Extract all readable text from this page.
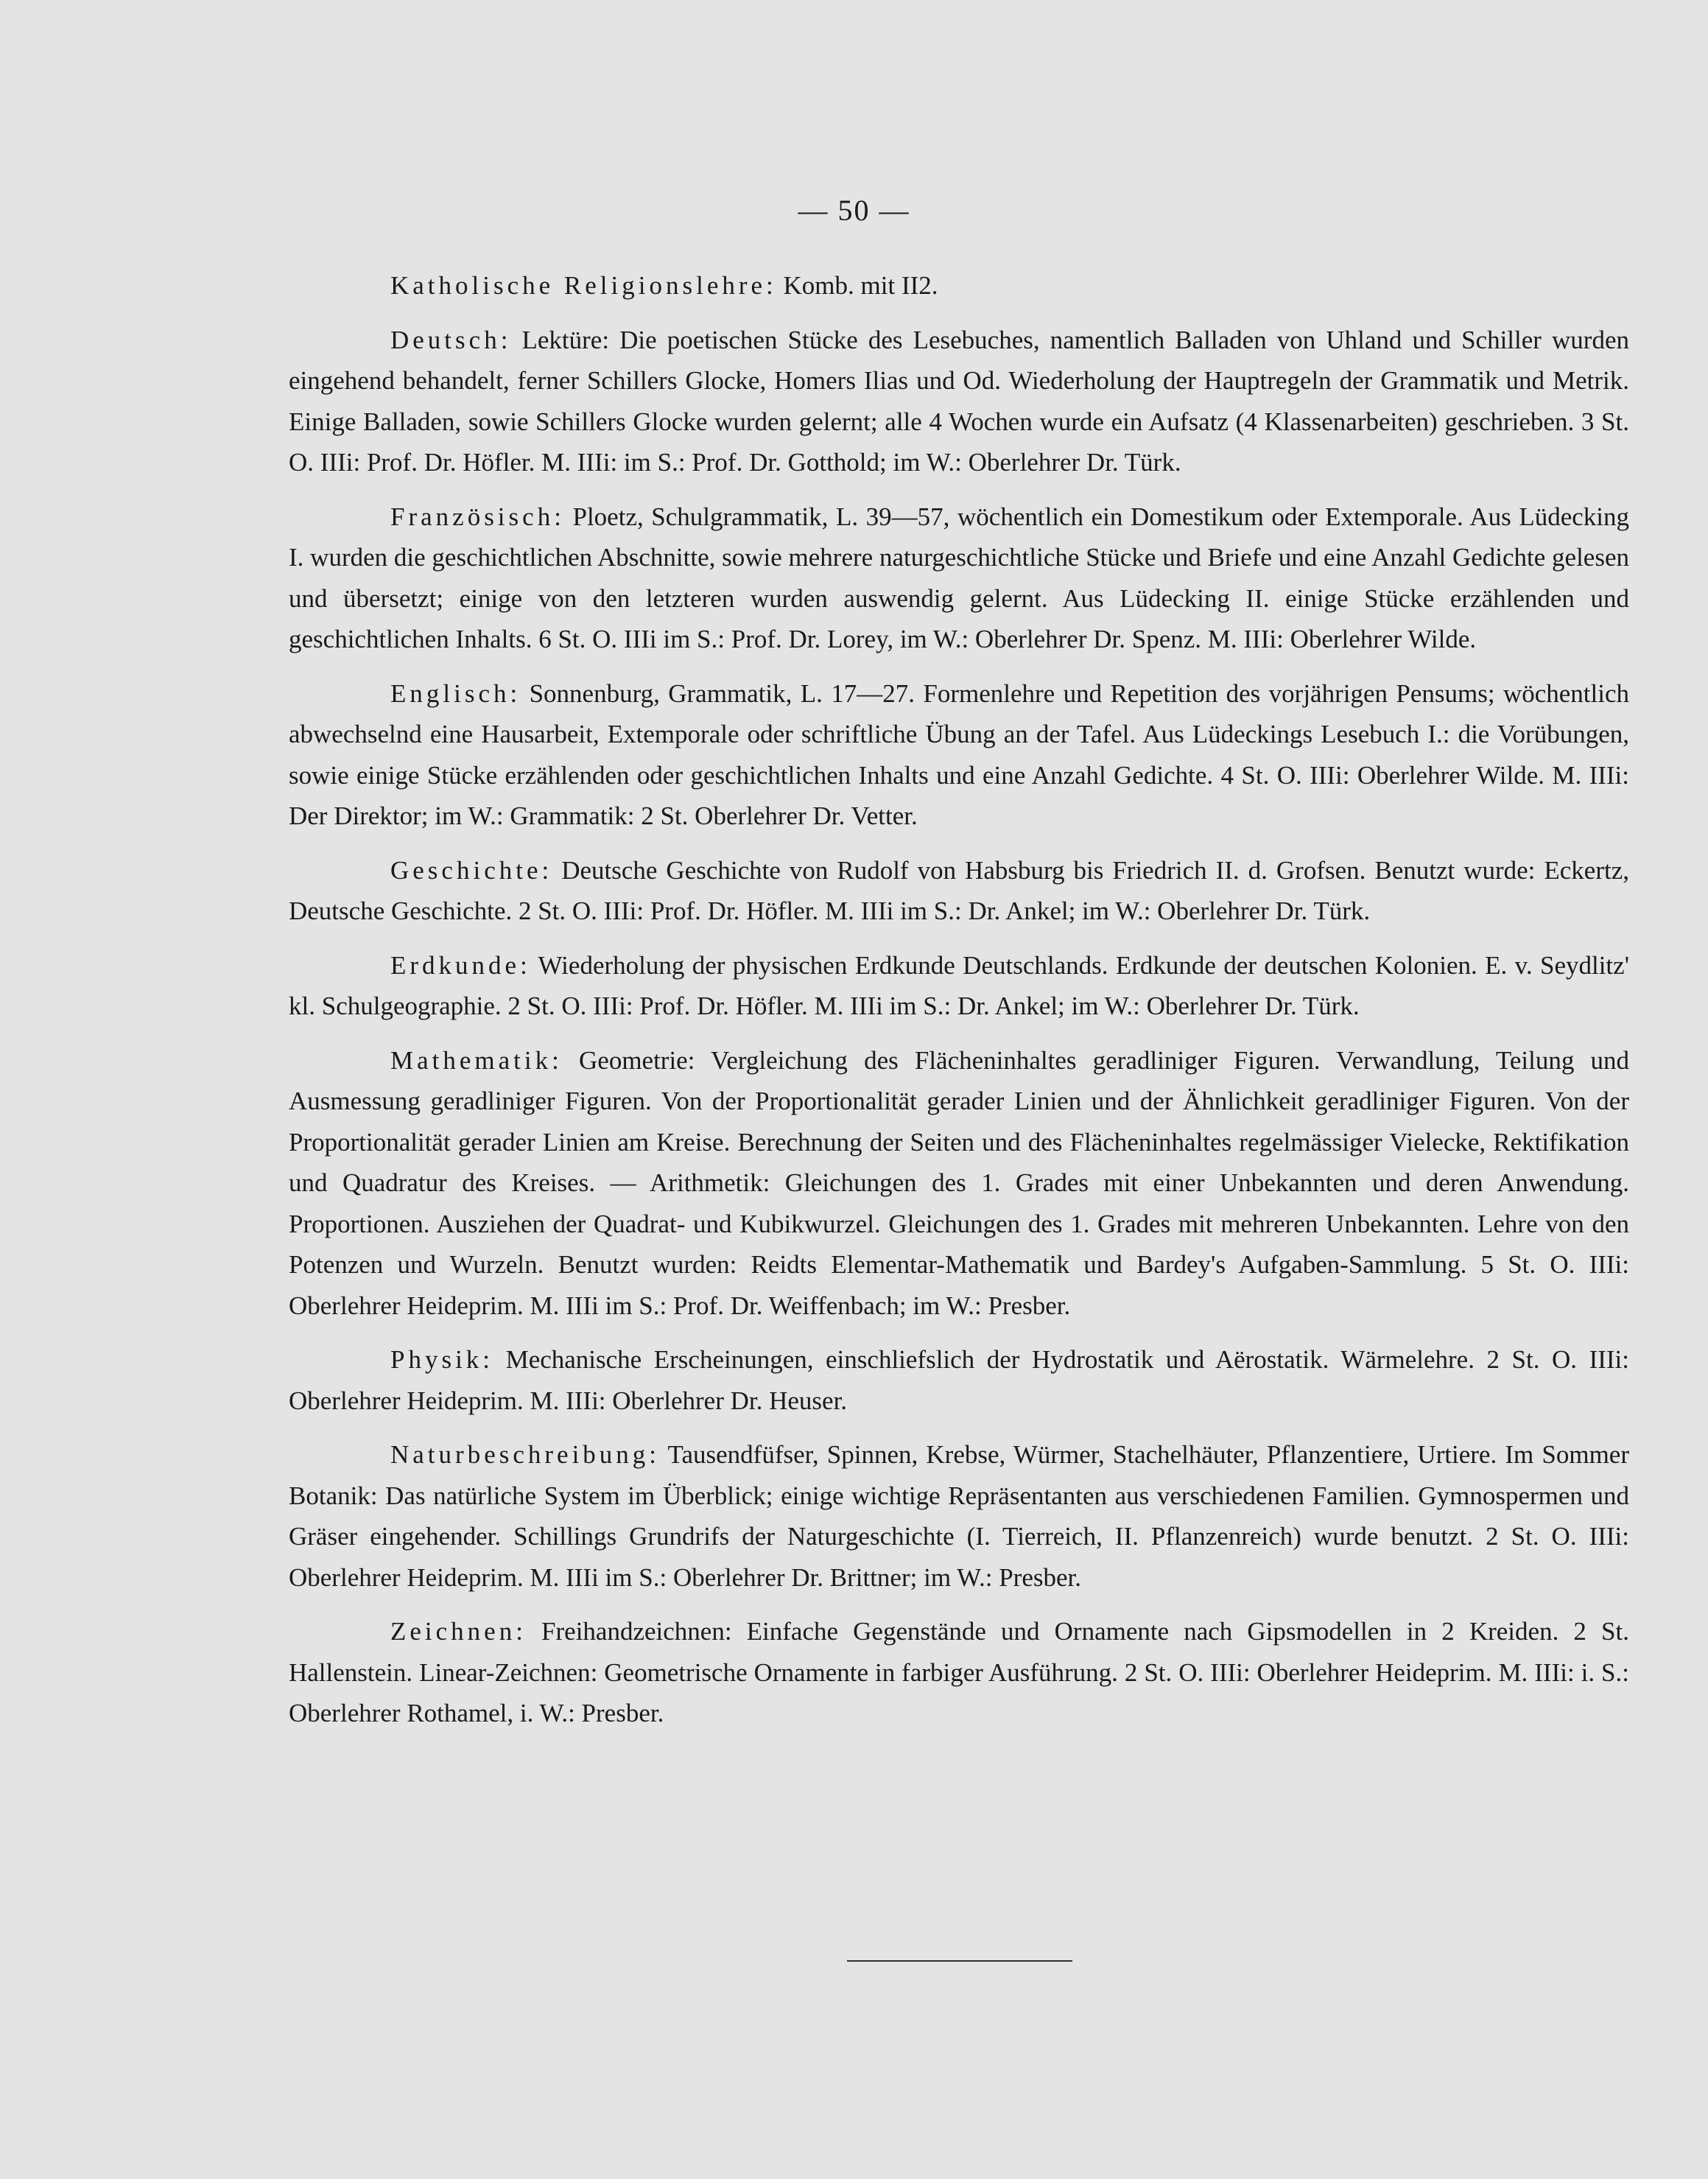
— 50 —

Katholische Religionslehre: Komb. mit II2.

Deutsch: Lektüre: Die poetischen Stücke des Lesebuches, namentlich Balladen von Uhland und Schiller wurden eingehend behandelt, ferner Schillers Glocke, Homers Ilias und Od. Wiederholung der Hauptregeln der Grammatik und Metrik. Einige Balladen, sowie Schillers Glocke wurden gelernt; alle 4 Wochen wurde ein Aufsatz (4 Klassenarbeiten) geschrieben. 3 St. O. IIIi: Prof. Dr. Höfler. M. IIIi: im S.: Prof. Dr. Gotthold; im W.: Oberlehrer Dr. Türk.

Französisch: Ploetz, Schulgrammatik, L. 39—57, wöchentlich ein Domestikum oder Extemporale. Aus Lüdecking I. wurden die geschichtlichen Abschnitte, sowie mehrere naturgeschichtliche Stücke und Briefe und eine Anzahl Gedichte gelesen und übersetzt; einige von den letzteren wurden auswendig gelernt. Aus Lüdecking II. einige Stücke erzählenden und geschichtlichen Inhalts. 6 St. O. IIIi im S.: Prof. Dr. Lorey, im W.: Oberlehrer Dr. Spenz. M. IIIi: Oberlehrer Wilde.

Englisch: Sonnenburg, Grammatik, L. 17—27. Formenlehre und Repetition des vorjährigen Pensums; wöchentlich abwechselnd eine Hausarbeit, Extemporale oder schriftliche Übung an der Tafel. Aus Lüdeckings Lesebuch I.: die Vorübungen, sowie einige Stücke erzählenden oder geschichtlichen Inhalts und eine Anzahl Gedichte. 4 St. O. IIIi: Oberlehrer Wilde. M. IIIi: Der Direktor; im W.: Grammatik: 2 St. Oberlehrer Dr. Vetter.

Geschichte: Deutsche Geschichte von Rudolf von Habsburg bis Friedrich II. d. Grofsen. Benutzt wurde: Eckertz, Deutsche Geschichte. 2 St. O. IIIi: Prof. Dr. Höfler. M. IIIi im S.: Dr. Ankel; im W.: Oberlehrer Dr. Türk.

Erdkunde: Wiederholung der physischen Erdkunde Deutschlands. Erdkunde der deutschen Kolonien. E. v. Seydlitz' kl. Schulgeographie. 2 St. O. IIIi: Prof. Dr. Höfler. M. IIIi im S.: Dr. Ankel; im W.: Oberlehrer Dr. Türk.

Mathematik: Geometrie: Vergleichung des Flächeninhaltes geradliniger Figuren. Verwandlung, Teilung und Ausmessung geradliniger Figuren. Von der Proportionalität gerader Linien und der Ähnlichkeit geradliniger Figuren. Von der Proportionalität gerader Linien am Kreise. Berechnung der Seiten und des Flächeninhaltes regelmässiger Vielecke, Rektifikation und Quadratur des Kreises. — Arithmetik: Gleichungen des 1. Grades mit einer Unbekannten und deren Anwendung. Proportionen. Ausziehen der Quadrat- und Kubikwurzel. Gleichungen des 1. Grades mit mehreren Unbekannten. Lehre von den Potenzen und Wurzeln. Benutzt wurden: Reidts Elementar-Mathematik und Bardey's Aufgaben-Sammlung. 5 St. O. IIIi: Oberlehrer Heideprim. M. IIIi im S.: Prof. Dr. Weiffenbach; im W.: Presber.

Physik: Mechanische Erscheinungen, einschliefslich der Hydrostatik und Aërostatik. Wärmelehre. 2 St. O. IIIi: Oberlehrer Heideprim. M. IIIi: Oberlehrer Dr. Heuser.

Naturbeschreibung: Tausendfüfser, Spinnen, Krebse, Würmer, Stachelhäuter, Pflanzentiere, Urtiere. Im Sommer Botanik: Das natürliche System im Überblick; einige wichtige Repräsentanten aus verschiedenen Familien. Gymnospermen und Gräser eingehender. Schillings Grundrifs der Naturgeschichte (I. Tierreich, II. Pflanzenreich) wurde benutzt. 2 St. O. IIIi: Oberlehrer Heideprim. M. IIIi im S.: Oberlehrer Dr. Brittner; im W.: Presber.

Zeichnen: Freihandzeichnen: Einfache Gegenstände und Ornamente nach Gipsmodellen in 2 Kreiden. 2 St. Hallenstein. Linear-Zeichnen: Geometrische Ornamente in farbiger Ausführung. 2 St. O. IIIi: Oberlehrer Heideprim. M. IIIi: i. S.: Oberlehrer Rothamel, i. W.: Presber.
